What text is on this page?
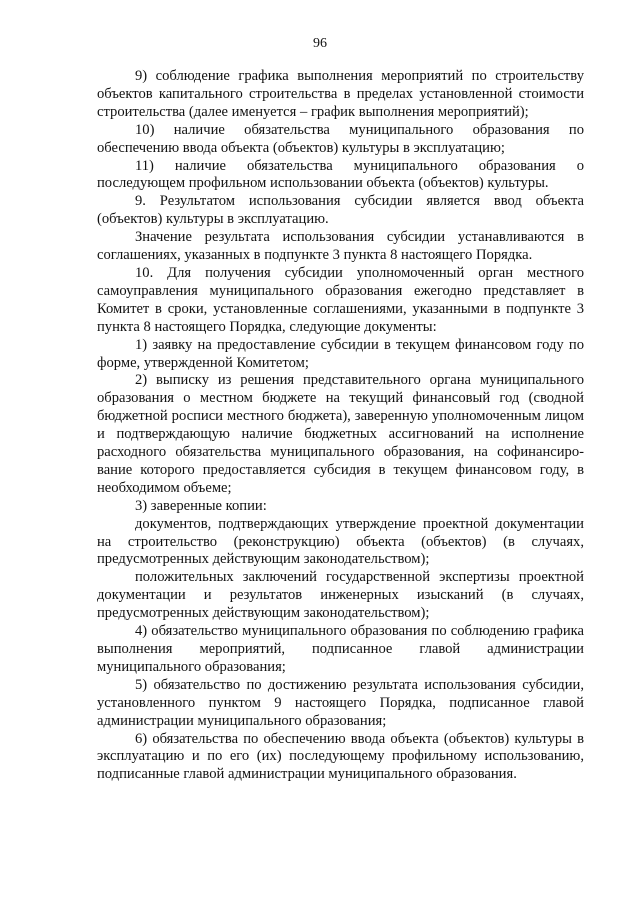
96

9) соблюдение графика выполнения мероприятий по строительству объектов капитального строительства в пределах установленной стоимости строительства (далее именуется – график выполнения мероприятий);

10) наличие обязательства муниципального образования по обеспечению ввода объекта (объектов) культуры в эксплуатацию;

11) наличие обязательства муниципального образования о последующем профильном использовании объекта (объектов) культуры.

9. Результатом использования субсидии является ввод объекта (объектов) культуры в эксплуатацию.

Значение результата использования субсидии устанавливаются в соглашениях, указанных в подпункте 3 пункта 8 настоящего Порядка.

10. Для получения субсидии уполномоченный орган местного самоуправления муниципального образования ежегодно представляет в Комитет в сроки, установленные соглашениями, указанными в подпункте 3 пункта 8 настоящего Порядка, следующие документы:

1) заявку на предоставление субсидии в текущем финансовом году по форме, утвержденной Комитетом;

2) выписку из решения представительного органа муниципального образования о местном бюджете на текущий финансовый год (сводной бюджетной росписи местного бюджета), заверенную уполномоченным лицом и подтверждающую наличие бюджетных ассигнований на исполнение расходного обязательства муниципального образования, на софинансиро-вание которого предоставляется субсидия в текущем финансовом году, в необходимом объеме;

3) заверенные копии:

документов, подтверждающих утверждение проектной документации на строительство (реконструкцию) объекта (объектов) (в случаях, предусмотренных действующим законодательством);

положительных заключений государственной экспертизы проектной документации и результатов инженерных изысканий (в случаях, предусмотренных действующим законодательством);

4) обязательство муниципального образования по соблюдению графика выполнения мероприятий, подписанное главой администрации муниципального образования;

5) обязательство по достижению результата использования субсидии, установленного пунктом 9 настоящего Порядка, подписанное главой администрации муниципального образования;

6) обязательства по обеспечению ввода объекта (объектов) культуры в эксплуатацию и по его (их) последующему профильному использованию, подписанные главой администрации муниципального образования.
